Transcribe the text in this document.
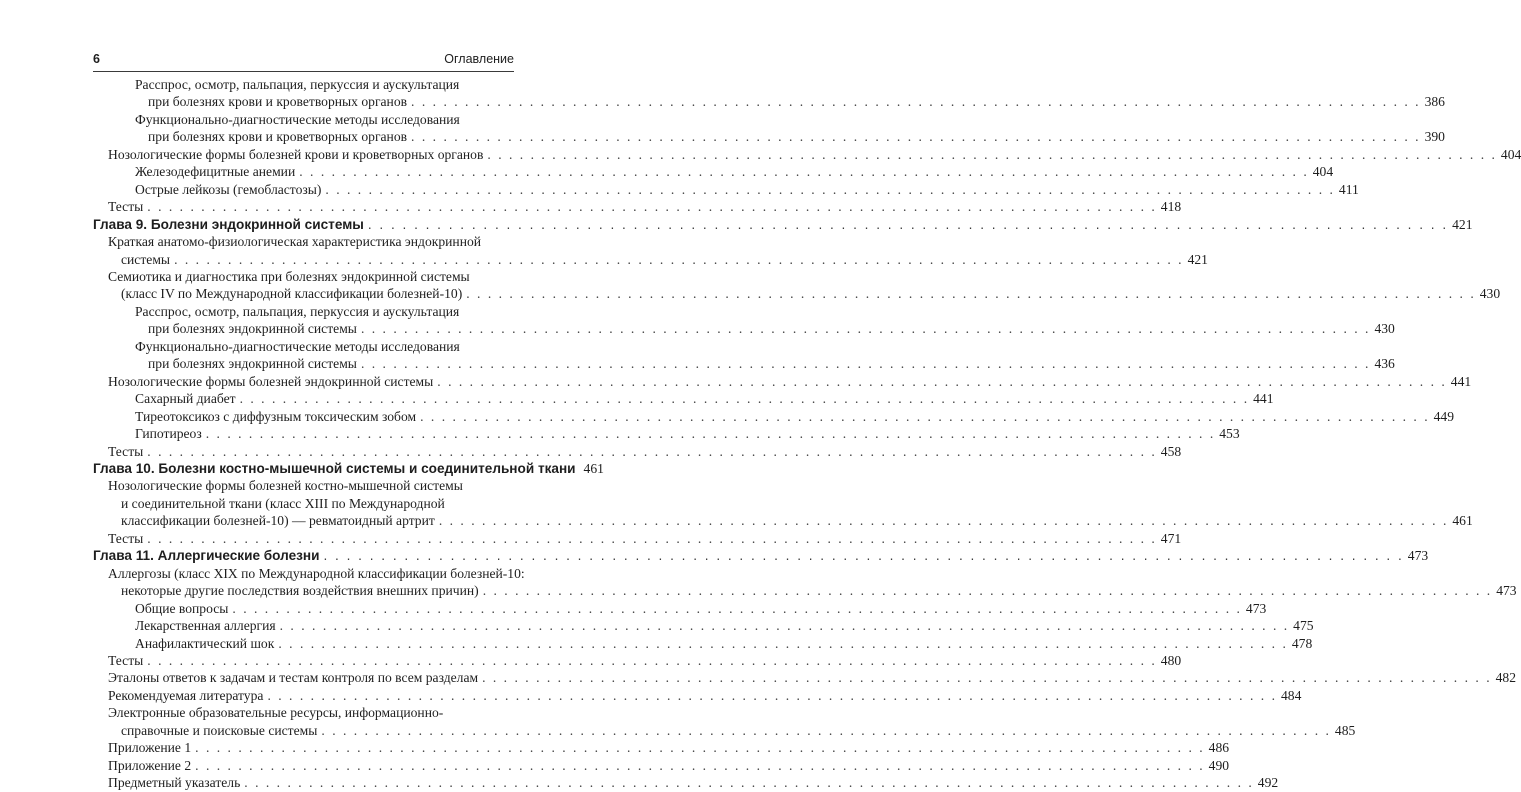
6	Оглавление
Расспрос, осмотр, пальпация, перкуссия и аускультация
при болезнях крови и кроветворных органов . . .	386
Функционально-диагностические методы исследования
при болезнях крови и кроветворных органов . . .	390
Нозологические формы болезней крови и кроветворных органов . . .	404
Железодефицитные анемии . . .	404
Острые лейкозы (гемобластозы) . . .	411
Тесты . . .	418
Глава 9. Болезни эндокринной системы . . .	421
Краткая анатомо-физиологическая характеристика эндокринной
системы . . .	421
Семиотика и диагностика при болезнях эндокринной системы
(класс IV по Международной классификации болезней-10) . . .	430
Расспрос, осмотр, пальпация, перкуссия и аускультация
при болезнях эндокринной системы . . .	430
Функционально-диагностические методы исследования
при болезнях эндокринной системы . . .	436
Нозологические формы болезней эндокринной системы . . .	441
Сахарный диабет . . .	441
Тиреотоксикоз с диффузным токсическим зобом . . .	449
Гипотиреоз . . .	453
Тесты . . .	458
Глава 10. Болезни костно-мышечной системы и соединительной ткани 461
Нозологические формы болезней костно-мышечной системы
и соединительной ткани (класс XIII по Международной
классификации болезней-10) — ревматоидный артрит . . .	461
Тесты . . .	471
Глава 11. Аллергические болезни . . .	473
Аллергозы (класс XIX по Международной классификации болезней-10:
некоторые другие последствия воздействия внешних причин) . . .	473
Общие вопросы . . .	473
Лекарственная аллергия . . .	475
Анафилактический шок . . .	478
Тесты . . .	480
Эталоны ответов к задачам и тестам контроля по всем разделам . . .	482
Рекомендуемая литература . . .	484
Электронные образовательные ресурсы, информационно-
справочные и поисковые системы . . .	485
Приложение 1 . . .	486
Приложение 2 . . .	490
Предметный указатель . . .	492
